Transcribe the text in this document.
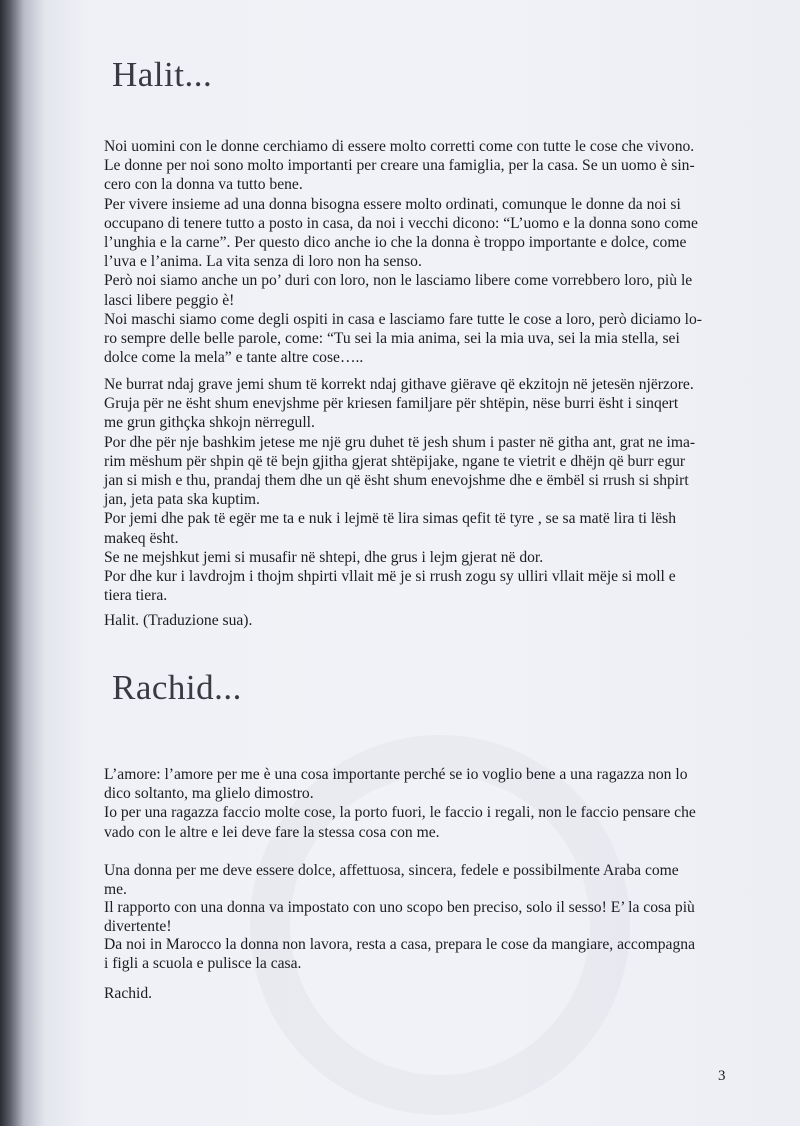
Halit...
Noi uomini con le donne cerchiamo di essere molto corretti come con tutte le cose che vivono.
Le donne per noi sono molto importanti per creare una famiglia, per la casa. Se un uomo è sin-
cero con la donna va tutto bene.
Per vivere insieme ad una donna bisogna essere molto ordinati, comunque le donne da noi si
occupano di tenere tutto a posto in casa, da noi i vecchi dicono: “L’uomo e la donna sono come
l’unghia e la carne”. Per questo dico anche io che la donna è troppo importante e dolce, come
l’uva e l’anima. La vita senza di loro non ha senso.
Però noi siamo anche un po’ duri con loro, non le lasciamo libere come vorrebbero loro, più le
lasci libere peggio è!
Noi maschi siamo come degli ospiti in casa e lasciamo fare tutte le cose a loro, però diciamo lo-
ro sempre delle belle parole, come: “Tu sei la mia anima, sei la mia uva, sei la mia stella, sei
dolce come la mela” e tante altre cose…..
Ne burrat ndaj grave jemi shum të korrekt ndaj githave giërave që ekzitojn në jetesën njërzore.
Gruja për ne ësht shum enevjshme për kriesen familjare për shtëpin, nëse burri ësht i sinqert
me grun githçka shkojn nërregull.
Por dhe për nje bashkim jetese me një gru duhet të jesh shum i paster në githa ant, grat ne ima-
rim mëshum për shpin që të bejn gjitha gjerat shtëpijake, ngane te vietrit e dhëjn që burr egur
jan si mish e thu, prandaj them dhe un që ësht shum enevojshme dhe e ëmbël si rrush si shpirt
jan, jeta pata ska kuptim.
Por jemi dhe pak të egër me ta e nuk i lejmë të lira simas qefit të tyre , se sa matë lira ti lësh
makeq ësht.
Se ne mejshkut jemi si musafir në shtepi, dhe grus i lejm gjerat në dor.
Por dhe kur i lavdrojm i thojm shpirti vllait më je si rrush zogu sy ulliri vllait mëje si moll e
tiera tiera.
Halit. (Traduzione sua).
Rachid...
L’amore: l’amore per me è una cosa importante perché se io voglio bene a una ragazza non lo
dico soltanto, ma glielo dimostro.
Io per una ragazza faccio molte cose, la porto fuori, le faccio i regali, non le faccio pensare che
vado con le altre e lei deve fare la stessa cosa con me.
Una donna per me deve essere dolce, affettuosa, sincera, fedele e possibilmente Araba come
me.
Il rapporto con una donna va impostato con uno scopo ben preciso, solo il sesso! E’ la cosa più
divertente!
Da noi in Marocco la donna non lavora, resta a casa, prepara le cose da mangiare, accompagna
i figli a scuola e pulisce la casa.
Rachid.
3
